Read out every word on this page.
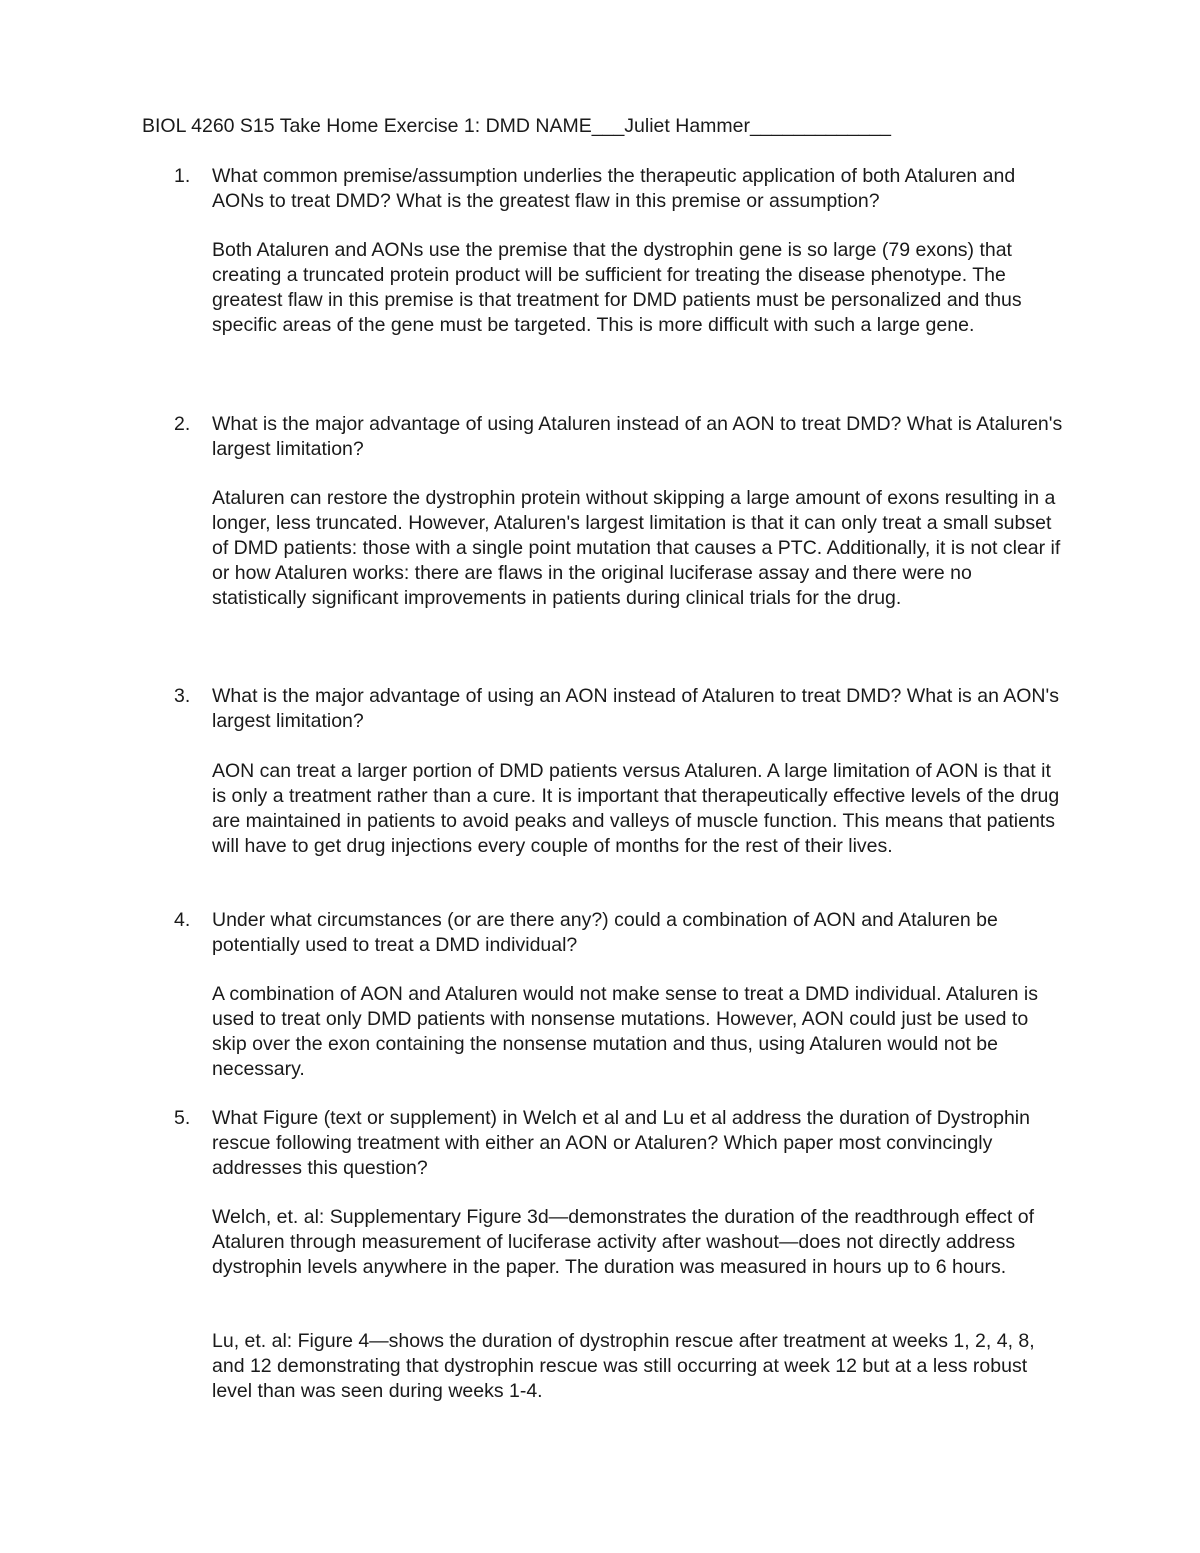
BIOL 4260 S15 Take Home Exercise 1: DMD NAME___Juliet Hammer_____________
1.	What common premise/assumption underlies the therapeutic application of both Ataluren and AONs to treat DMD? What is the greatest flaw in this premise or assumption?

Both Ataluren and AONs use the premise that the dystrophin gene is so large (79 exons) that creating a truncated protein product will be sufficient for treating the disease phenotype. The greatest flaw in this premise is that treatment for DMD patients must be personalized and thus specific areas of the gene must be targeted. This is more difficult with such a large gene.

2.	What is the major advantage of using Ataluren instead of an AON to treat DMD? What is Ataluren's largest limitation?

Ataluren can restore the dystrophin protein without skipping a large amount of exons resulting in a longer, less truncated. However, Ataluren's largest limitation is that it can only treat a small subset of DMD patients: those with a single point mutation that causes a PTC. Additionally, it is not clear if or how Ataluren works: there are flaws in the original luciferase assay and there were no statistically significant improvements in patients during clinical trials for the drug.

3.	What is the major advantage of using an AON instead of Ataluren to treat DMD? What is an AON's largest limitation?

AON can treat a larger portion of DMD patients versus Ataluren. A large limitation of AON is that it is only a treatment rather than a cure. It is important that therapeutically effective levels of the drug are maintained in patients to avoid peaks and valleys of muscle function. This means that patients will have to get drug injections every couple of months for the rest of their lives.

4.	Under what circumstances (or are there any?) could a combination of AON and Ataluren be potentially used to treat a DMD individual?

A combination of AON and Ataluren would not make sense to treat a DMD individual. Ataluren is used to treat only DMD patients with nonsense mutations. However, AON could just be used to skip over the exon containing the nonsense mutation and thus, using Ataluren would not be necessary.

5.	What Figure (text or supplement) in Welch et al and Lu et al address the duration of Dystrophin rescue following treatment with either an AON or Ataluren? Which paper most convincingly addresses this question?

Welch, et. al: Supplementary Figure 3d—demonstrates the duration of the readthrough effect of Ataluren through measurement of luciferase activity after washout—does not directly address dystrophin levels anywhere in the paper. The duration was measured in hours up to 6 hours.

Lu, et. al: Figure 4—shows the duration of dystrophin rescue after treatment at weeks 1, 2, 4, 8, and 12 demonstrating that dystrophin rescue was still occurring at week 12 but at a less robust level than was seen during weeks 1-4.
